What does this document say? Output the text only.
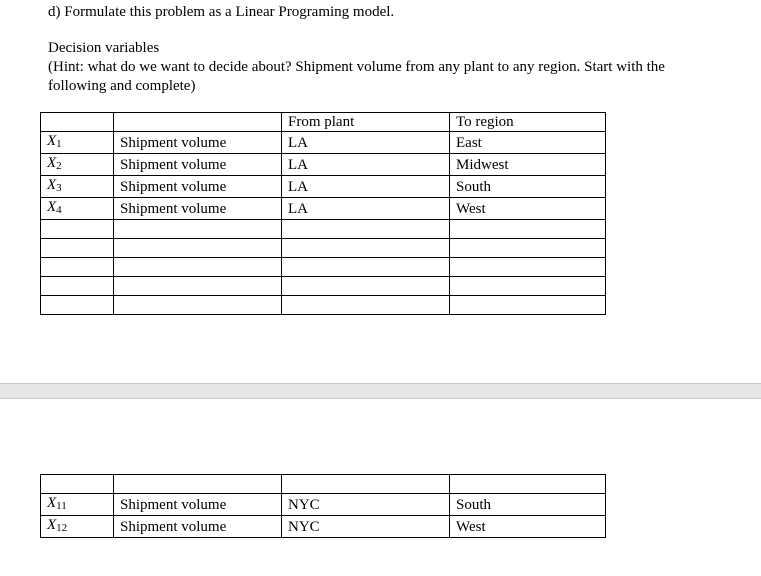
d) Formulate this problem as a Linear Programing model.
Decision variables
(Hint: what do we want to decide about? Shipment volume from any plant to any region. Start with the
following and complete)
		From plant	To region
$X_1$	Shipment volume	LA	East
$X_2$	Shipment volume	LA	Midwest
$X_3$	Shipment volume	LA	South
$X_4$	Shipment volume	LA	West

$X_{11}$	Shipment volume	NYC	South
$X_{12}$	Shipment volume	NYC	West
